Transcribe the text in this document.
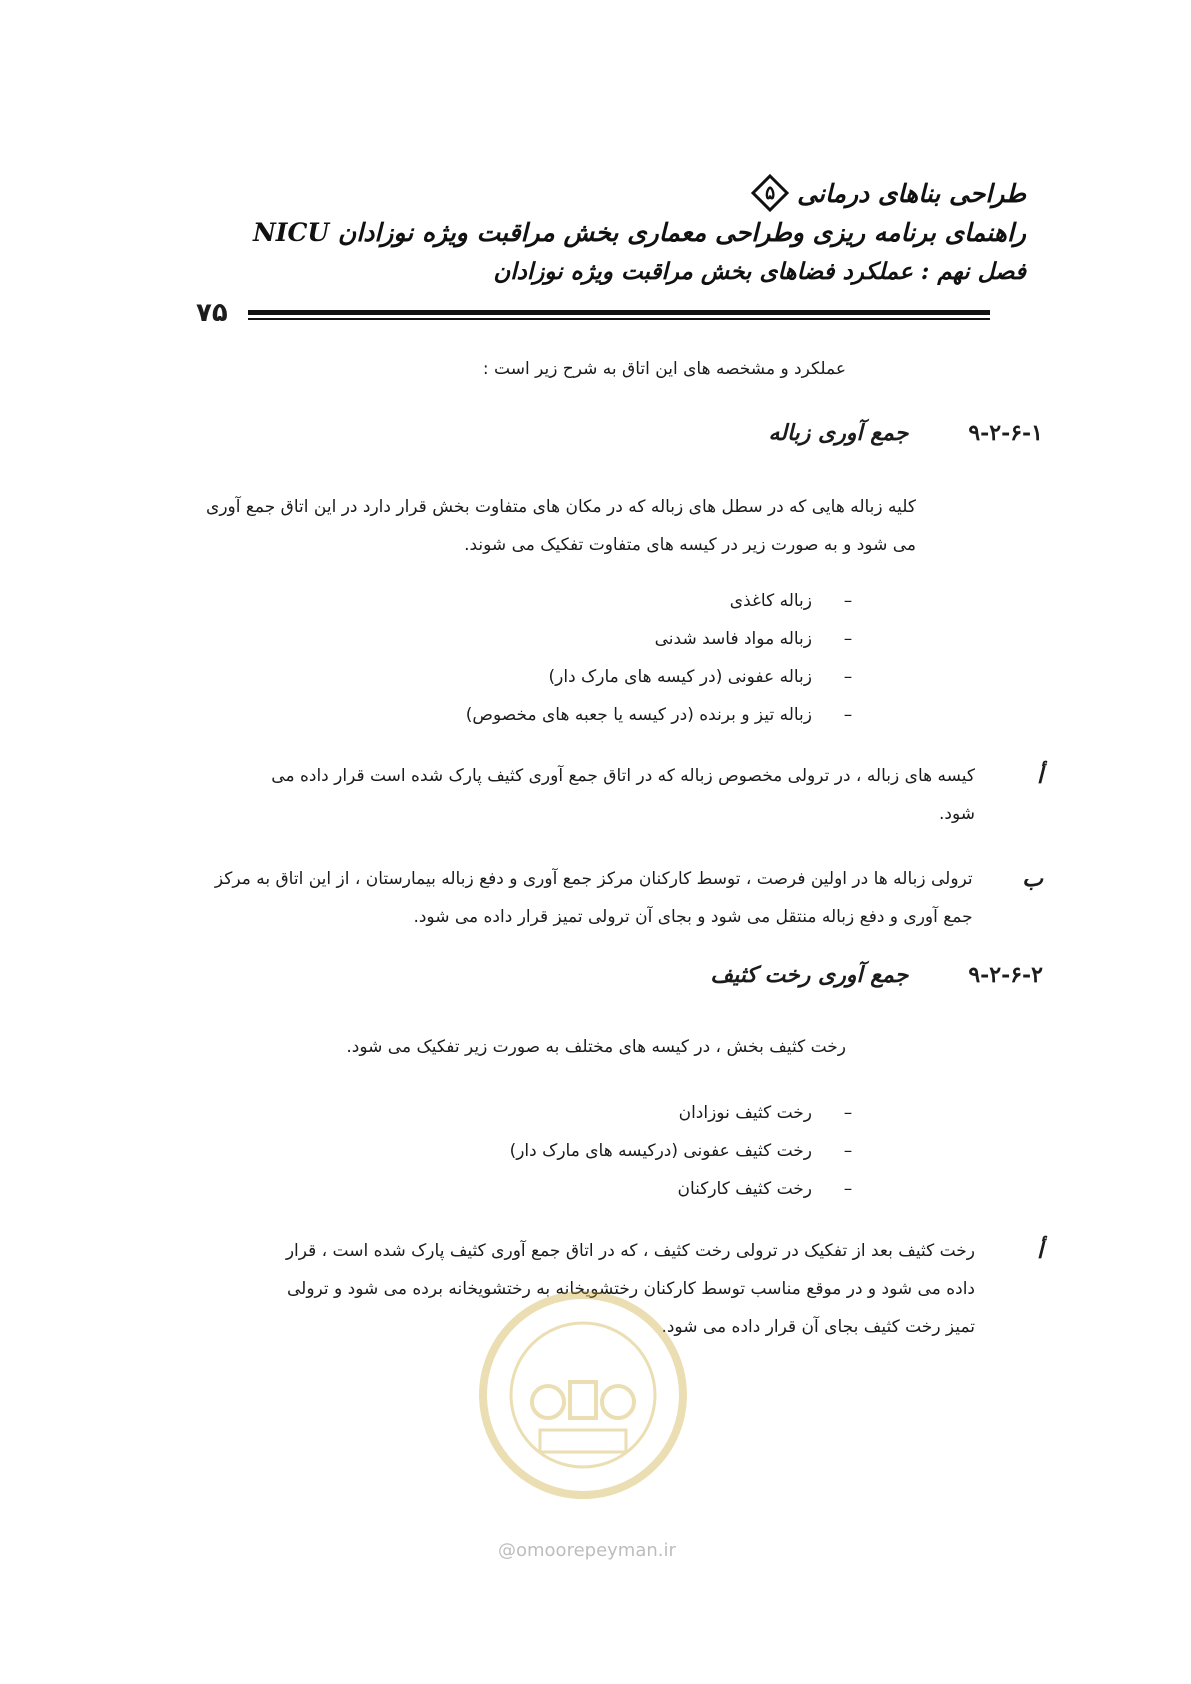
طراحی بناهای درمانی
۵
راهنمای برنامه ریزی وطراحی معماری بخش مراقبت ویژه نوزادان NICU
فصل نهم : عملکرد فضاهای بخش مراقبت ویژه نوزادان
۷۵
عملکرد و مشخصه های این اتاق به شرح زیر است :
۹-۲-۶-۱
جمع آوری زباله
کلیه زباله هایی که در سطل های زباله که در مکان های متفاوت بخش قرار دارد در این اتاق جمع آوری می شود و به صورت زیر در کیسه های متفاوت تفکیک می شوند.
–
زباله کاغذی
–
زباله مواد فاسد شدنی
–
زباله عفونی (در کیسه های مارک دار)
–
زباله تیز و برنده (در کیسه یا جعبه های مخصوص)
أ
کیسه های زباله ، در ترولی مخصوص زباله که در اتاق جمع آوری کثیف پارک شده است قرار داده می شود.
ب
ترولی زباله ها در اولین فرصت ، توسط کارکنان مرکز جمع آوری و دفع زباله بیمارستان ، از این اتاق به مرکز جمع آوری و دفع زباله منتقل می شود و بجای آن ترولی تمیز قرار داده می شود.
۹-۲-۶-۲
جمع آوری رخت کثیف
رخت کثیف بخش ، در کیسه های مختلف به صورت زیر تفکیک می شود.
–
رخت کثیف نوزادان
–
رخت کثیف عفونی (درکیسه های مارک دار)
–
رخت کثیف کارکنان
أ
رخت کثیف بعد از تفکیک در ترولی رخت کثیف ، که در اتاق جمع آوری کثیف پارک شده است ، قرار داده می شود و در موقع مناسب توسط کارکنان رختشویخانه به رختشویخانه برده می شود و ترولی تمیز رخت کثیف بجای آن قرار داده می شود.
@omoorepeyman.ir
